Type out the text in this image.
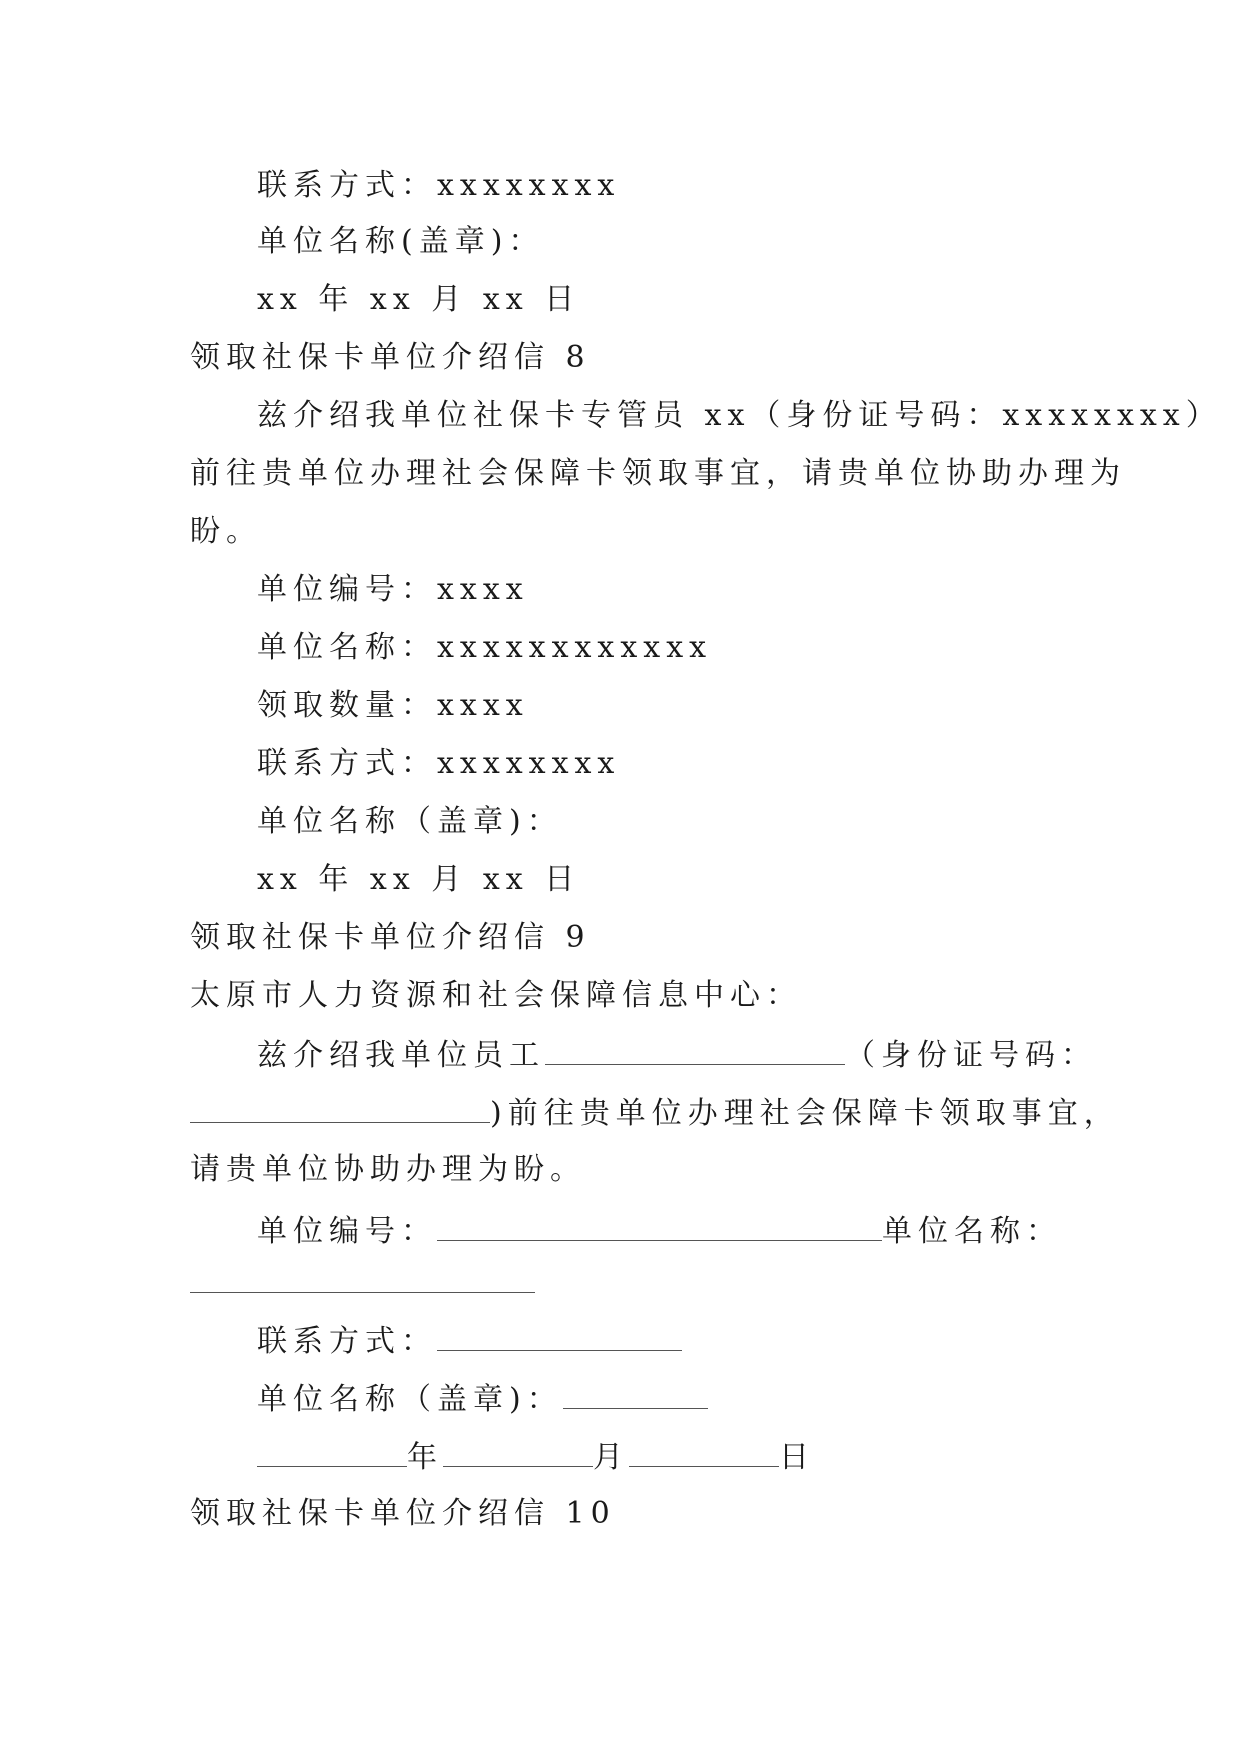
联系方式：xxxxxxxx
单位名称(盖章)：
xx 年 xx 月 xx 日
领取社保卡单位介绍信 8
兹介绍我单位社保卡专管员 xx（身份证号码：xxxxxxxx）
前往贵单位办理社会保障卡领取事宜，请贵单位协助办理为
盼。
单位编号：xxxx
单位名称：xxxxxxxxxxxx
领取数量：xxxx
联系方式：xxxxxxxx
单位名称（盖章)：
xx 年 xx 月 xx 日
领取社保卡单位介绍信 9
太原市人力资源和社会保障信息中心：
兹介绍我单位员工	（身份证号码：
)前往贵单位办理社会保障卡领取事宜，
请贵单位协助办理为盼。
单位编号：	单位名称：
联系方式：
单位名称（盖章)：
年	月	日
领取社保卡单位介绍信 10
